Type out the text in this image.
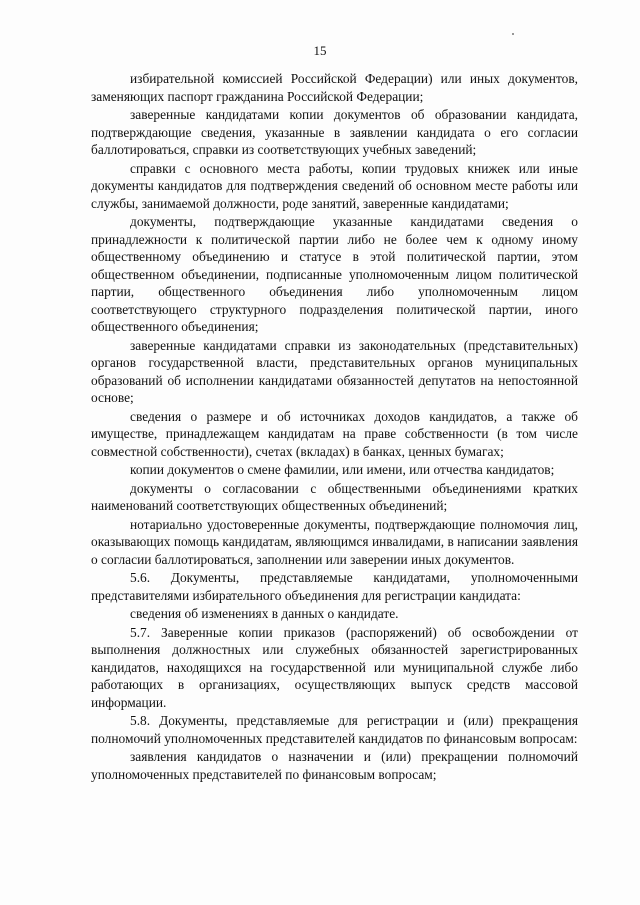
15

избирательной комиссией Российской Федерации) или иных документов, заменяющих паспорт гражданина Российской Федерации;

заверенные кандидатами копии документов об образовании кандидата, подтверждающие сведения, указанные в заявлении кандидата о его согласии баллотироваться, справки из соответствующих учебных заведений;

справки с основного места работы, копии трудовых книжек или иные документы кандидатов для подтверждения сведений об основном месте работы или службы, занимаемой должности, роде занятий, заверенные кандидатами;

документы, подтверждающие указанные кандидатами сведения о принадлежности к политической партии либо не более чем к одному иному общественному объединению и статусе в этой политической партии, этом общественном объединении, подписанные уполномоченным лицом политической партии, общественного объединения либо уполномоченным лицом соответствующего структурного подразделения политической партии, иного общественного объединения;

заверенные кандидатами справки из законодательных (представительных) органов государственной власти, представительных органов муниципальных образований об исполнении кандидатами обязанностей депутатов на непостоянной основе;

сведения о размере и об источниках доходов кандидатов, а также об имуществе, принадлежащем кандидатам на праве собственности (в том числе совместной собственности), счетах (вкладах) в банках, ценных бумагах;

копии документов о смене фамилии, или имени, или отчества кандидатов;

документы о согласовании с общественными объединениями кратких наименований соответствующих общественных объединений;

нотариально удостоверенные документы, подтверждающие полномочия лиц, оказывающих помощь кандидатам, являющимся инвалидами, в написании заявления о согласии баллотироваться, заполнении или заверении иных документов.

5.6. Документы, представляемые кандидатами, уполномоченными представителями избирательного объединения для регистрации кандидата:

сведения об изменениях в данных о кандидате.

5.7. Заверенные копии приказов (распоряжений) об освобождении от выполнения должностных или служебных обязанностей зарегистрированных кандидатов, находящихся на государственной или муниципальной службе либо работающих в организациях, осуществляющих выпуск средств массовой информации.

5.8. Документы, представляемые для регистрации и (или) прекращения полномочий уполномоченных представителей кандидатов по финансовым вопросам:

заявления кандидатов о назначении и (или) прекращении полномочий уполномоченных представителей по финансовым вопросам;
